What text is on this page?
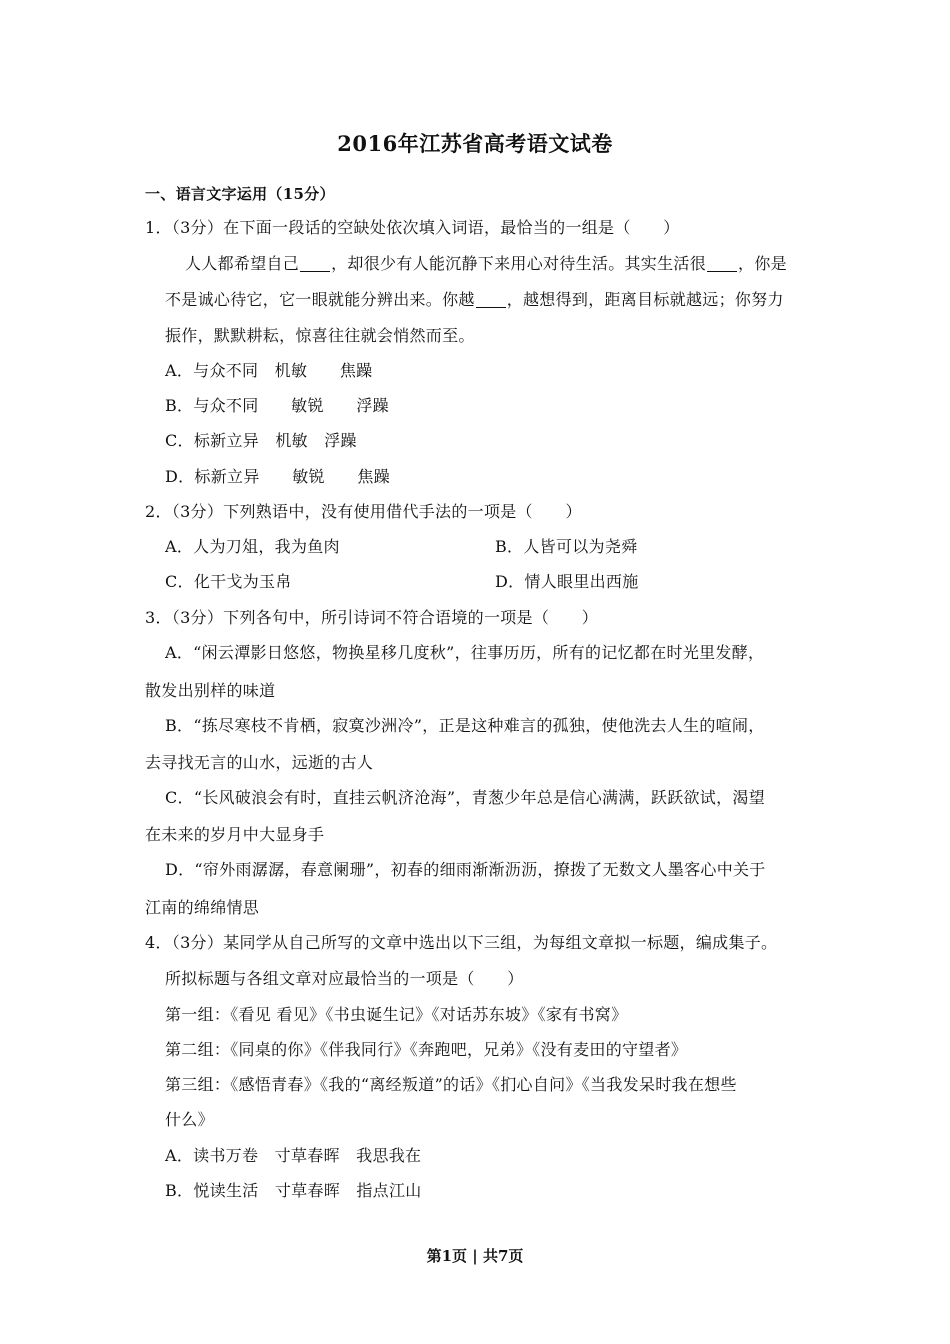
2016年江苏省高考语文试卷
一、语言文字运用（15分）
1．（3分）在下面一段话的空缺处依次填入词语，最恰当的一组是（　　）
人人都希望自己 ，却很少有人能沉静下来用心对待生活。其实生活很 ，你是
不是诚心待它，它一眼就能分辨出来。你越 ，越想得到，距离目标就越远；你努力
振作，默默耕耘，惊喜往往就会悄然而至。
A．与众不同　机敏　　焦躁
B．与众不同　　敏锐　　浮躁
C．标新立异　机敏　浮躁
D．标新立异　　敏锐　　焦躁
2．（3分）下列熟语中，没有使用借代手法的一项是（　　）
A．人为刀俎，我为鱼肉	B．人皆可以为尧舜
C．化干戈为玉帛	D．情人眼里出西施
3．（3分）下列各句中，所引诗词不符合语境的一项是（　　）
A．“闲云潭影日悠悠，物换星移几度秋”，往事历历，所有的记忆都在时光里发酵，
散发出别样的味道
B．“拣尽寒枝不肯栖，寂寞沙洲冷”，正是这种难言的孤独，使他洗去人生的喧闹，
去寻找无言的山水，远逝的古人
C．“长风破浪会有时，直挂云帆济沧海”，青葱少年总是信心满满，跃跃欲试，渴望
在未来的岁月中大显身手
D．“帘外雨潺潺，春意阑珊”，初春的细雨渐渐沥沥，撩拨了无数文人墨客心中关于
江南的绵绵情思
4．（3分）某同学从自己所写的文章中选出以下三组，为每组文章拟一标题，编成集子。
所拟标题与各组文章对应最恰当的一项是（　　）
第一组：《看见 看见》《书虫诞生记》《对话苏东坡》《家有书窝》
第二组：《同桌的你》《伴我同行》《奔跑吧，兄弟》《没有麦田的守望者》
第三组：《感悟青春》《我的“离经叛道”的话》《扪心自问》《当我发呆时我在想些
什么》
A．读书万卷　寸草春晖　我思我在
B．悦读生活　寸草春晖　指点江山
第1页 | 共7页
